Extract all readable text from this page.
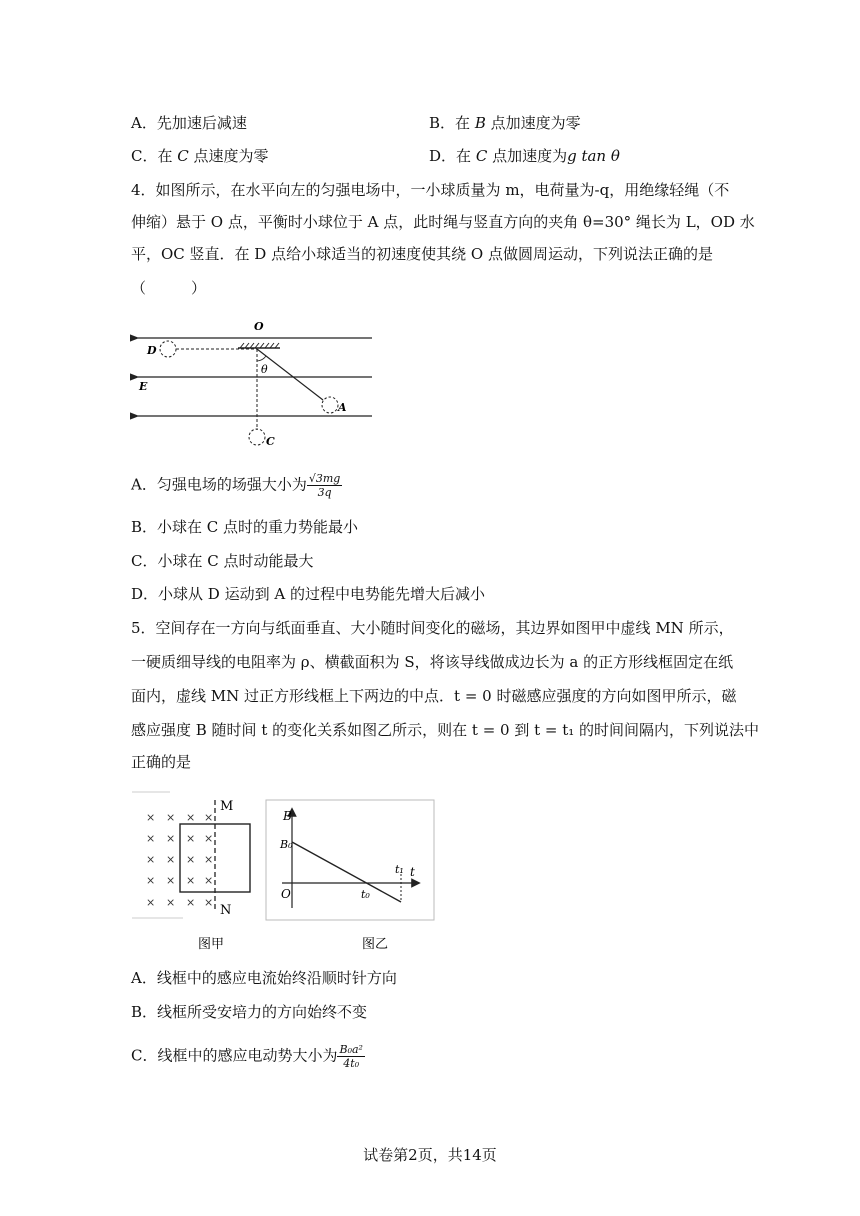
A．先加速后减速	B．在 B 点加速度为零
C．在 C 点速度为零	D．在 C 点加速度为g tan θ
4．如图所示，在水平向左的匀强电场中，一小球质量为 m，电荷量为-q，用绝缘轻绳（不
伸缩）悬于 O 点，平衡时小球位于 A 点，此时绳与竖直方向的夹角 θ=30° 绳长为 L，OD 水
平，OC 竖直．在 D 点给小球适当的初速度使其绕 O 点做圆周运动，下列说法正确的是
（　　　）
O
D
E
θ
A
C
A．匀强电场的场强大小为 $\frac{√3mg}{3q}$
B．小球在 C 点时的重力势能最小
C．小球在 C 点时动能最大
D．小球从 D 运动到 A 的过程中电势能先增大后减小
5．空间存在一方向与纸面垂直、大小随时间变化的磁场，其边界如图甲中虚线 MN 所示，
一硬质细导线的电阻率为 ρ、横截面积为 S，将该导线做成边长为 a 的正方形线框固定在纸
面内，虚线 MN 过正方形线框上下两边的中点．t = 0 时磁感应强度的方向如图甲所示，磁
感应强度 B 随时间 t 的变化关系如图乙所示，则在 t = 0 到 t = t₁ 的时间间隔内，下列说法中
正确的是
× × × ×
× × × ×
× × × ×
× × × ×
× × × ×
M
N
图甲
B
B₀
O	t₀
t₁ t
图乙
A．线框中的感应电流始终沿顺时针方向
B．线框所受安培力的方向始终不变
C．线框中的感应电动势大小为 $\frac{\text{B₀a²}}{\text{4t₀}}$
试卷第2页，共14页
